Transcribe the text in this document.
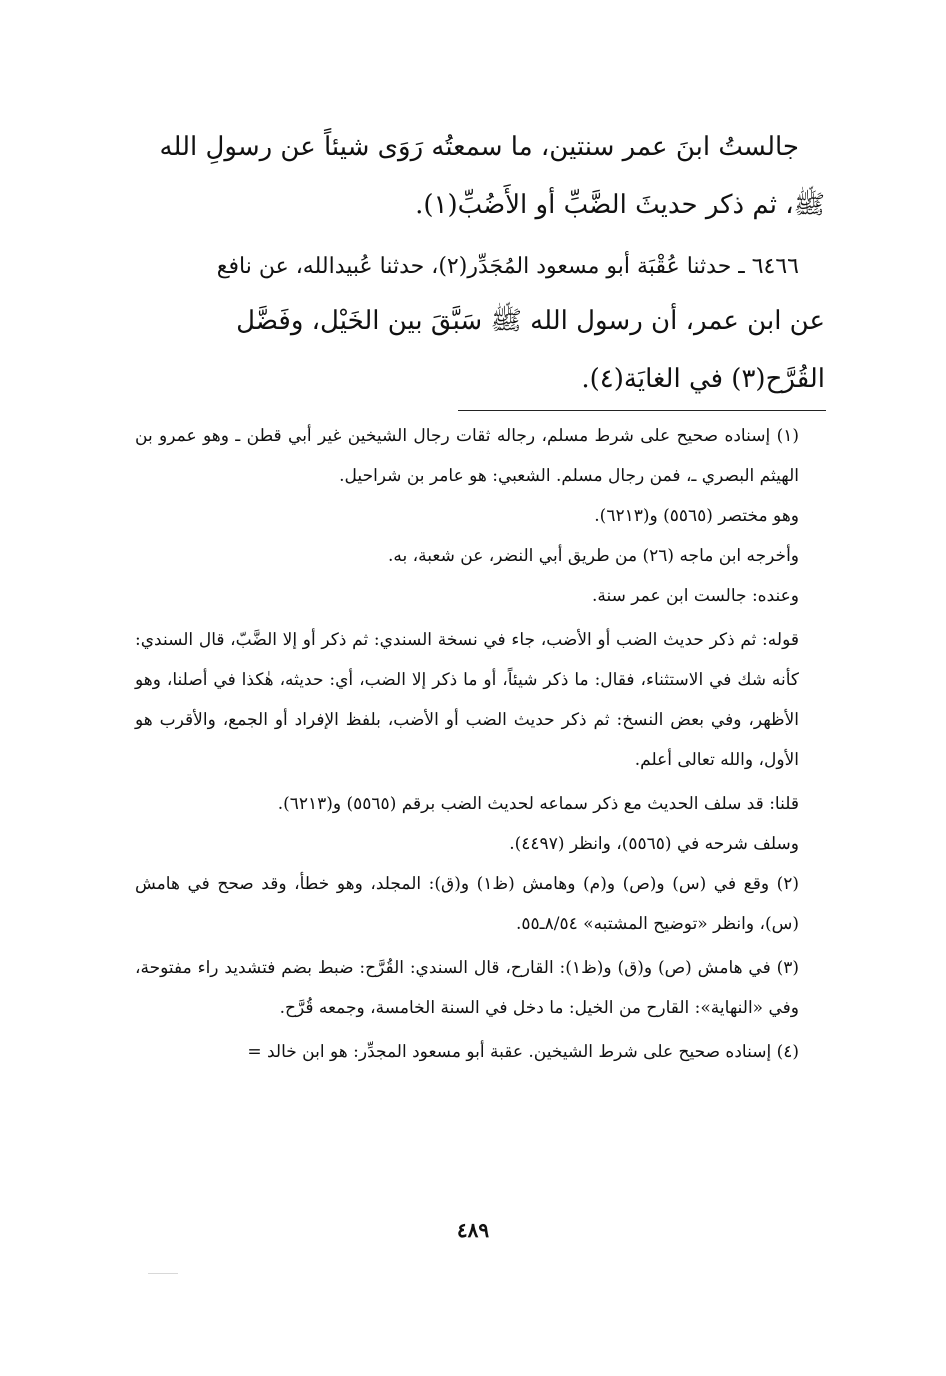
جالستُ ابنَ عمر سنتين، ما سمعتُه رَوَى شيئاً عن رسولِ الله

ﷺ، ثم ذكر حديثَ الضَّبِّ أو الأَضُبِّ(١).

٦٤٦٦ ـ حدثنا عُقْبَة أبو مسعود المُجَدِّر(٢)، حدثنا عُبيدالله، عن نافع

عن ابن عمر، أن رسول الله ﷺ سَبَّقَ بين الخَيْل، وفَضَّل

القُرَّح(٣) في الغايَة(٤).

(١) إسناده صحيح على شرط مسلم، رجاله ثقات رجال الشيخين غير أبي قطن ـ وهو عمرو بن الهيثم البصري ـ، فمن رجال مسلم. الشعبي: هو عامر بن شراحيل.

وهو مختصر (٥٥٦٥) و(٦٢١٣).

وأخرجه ابن ماجه (٢٦) من طريق أبي النضر، عن شعبة، به.

وعنده: جالست ابن عمر سنة.

قوله: ثم ذكر حديث الضب أو الأضب، جاء في نسخة السندي: ثم ذكر أو إلا الضَّبّ، قال السندي: كأنه شك في الاستثناء، فقال: ما ذكر شيئاً، أو ما ذكر إلا الضب، أي: حديثه، هٰكذا في أصلنا، وهو الأظهر، وفي بعض النسخ: ثم ذكر حديث الضب أو الأضب، بلفظ الإفراد أو الجمع، والأقرب هو الأول، والله تعالى أعلم.

قلنا: قد سلف الحديث مع ذكر سماعه لحديث الضب برقم (٥٥٦٥) و(٦٢١٣).

وسلف شرحه في (٥٥٦٥)، وانظر (٤٤٩٧).

(٢) وقع في (س) و(ص) و(م) وهامش (ظ١) و(ق): المجلد، وهو خطأ، وقد صحح في هامش (س)، وانظر «توضيح المشتبه» ٨/٥٤ـ٥٥.

(٣) في هامش (ص) و(ق) و(ظ١): القارح، قال السندي: القُرَّح: ضبط بضم فتشديد راء مفتوحة، وفي «النهاية»: القارح من الخيل: ما دخل في السنة الخامسة، وجمعه قُرَّح.

(٤) إسناده صحيح على شرط الشيخين. عقبة أبو مسعود المجدِّر: هو ابن خالد =

٤٨٩
